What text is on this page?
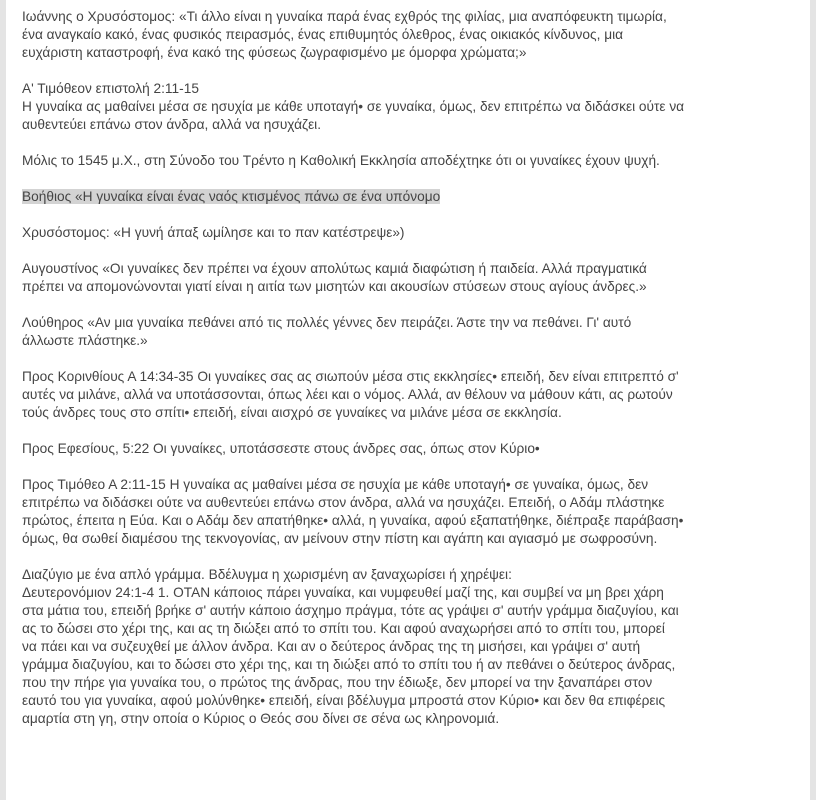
Ιωάννης ο Χρυσόστομος: «Τι άλλο είναι η γυναίκα παρά ένας εχθρός της φιλίας, μια αναπόφευκτη τιμωρία,
ένα αναγκαίο κακό, ένας φυσικός πειρασμός, ένας επιθυμητός όλεθρος, ένας οικιακός κίνδυνος, μια
ευχάριστη καταστροφή, ένα κακό της φύσεως ζωγραφισμένο με όμορφα χρώματα;»

Α' Τιμόθεον επιστολή 2:11-15
Η γυναίκα ας μαθαίνει μέσα σε ησυχία με κάθε υποταγή• σε γυναίκα, όμως, δεν επιτρέπω να διδάσκει ούτε να
αυθεντεύει επάνω στον άνδρα, αλλά να ησυχάζει.

Μόλις το 1545 μ.Χ., στη Σύνοδο του Τρέντο η Καθολική Εκκλησία αποδέχτηκε ότι οι γυναίκες έχουν ψυχή.

Βοήθιος «Η γυναίκα είναι ένας ναός κτισμένος πάνω σε ένα υπόνομο

Χρυσόστομος: «Η γυνή άπαξ ωμίλησε και το παν κατέστρεψε»)

Αυγουστίνος «Οι γυναίκες δεν πρέπει να έχουν απολύτως καμιά διαφώτιση ή παιδεία. Αλλά πραγματικά
πρέπει να απομονώνονται γιατί είναι η αιτία των μισητών και ακουσίων στύσεων στους αγίους άνδρες.»

Λούθηρος «Αν μια γυναίκα πεθάνει από τις πολλές γέννες δεν πειράζει. Άστε την να πεθάνει. Γι' αυτό
άλλωστε πλάστηκε.»

Προς Κορινθίους Α 14:34-35 Οι γυναίκες σας ας σιωπούν μέσα στις εκκλησίες• επειδή, δεν είναι επιτρεπτό σ'
αυτές να μιλάνε, αλλά να υποτάσσονται, όπως λέει και ο νόμος. Αλλά, αν θέλουν να μάθουν κάτι, ας ρωτούν
τούς άνδρες τους στο σπίτι• επειδή, είναι αισχρό σε γυναίκες να μιλάνε μέσα σε εκκλησία.

Προς Εφεσίους, 5:22 Οι γυναίκες, υποτάσσεστε στους άνδρες σας, όπως στον Κύριο•

Προς Τιμόθεο Α 2:11-15 Η γυναίκα ας μαθαίνει μέσα σε ησυχία με κάθε υποταγή• σε γυναίκα, όμως, δεν
επιτρέπω να διδάσκει ούτε να αυθεντεύει επάνω στον άνδρα, αλλά να ησυχάζει. Επειδή, ο Αδάμ πλάστηκε
πρώτος, έπειτα η Εύα. Και ο Αδάμ δεν απατήθηκε• αλλά, η γυναίκα, αφού εξαπατήθηκε, διέπραξε παράβαση•
όμως, θα σωθεί διαμέσου της τεκνογονίας, αν μείνουν στην πίστη και αγάπη και αγιασμό με σωφροσύνη.

Διαζύγιο με ένα απλό γράμμα. Βδέλυγμα η χωρισμένη αν ξαναχωρίσει ή χηρέψει:
Δευτερονόμιον 24:1-4 1. ΟΤΑΝ κάποιος πάρει γυναίκα, και νυμφευθεί μαζί της, και συμβεί να μη βρει χάρη
στα μάτια του, επειδή βρήκε σ' αυτήν κάποιο άσχημο πράγμα, τότε ας γράψει σ' αυτήν γράμμα διαζυγίου, και
ας το δώσει στο χέρι της, και ας τη διώξει από το σπίτι του. Και αφού αναχωρήσει από το σπίτι του, μπορεί
να πάει και να συζευχθεί με άλλον άνδρα. Και αν ο δεύτερος άνδρας της τη μισήσει, και γράψει σ' αυτή
γράμμα διαζυγίου, και το δώσει στο χέρι της, και τη διώξει από το σπίτι του ή αν πεθάνει ο δεύτερος άνδρας,
που την πήρε για γυναίκα του, ο πρώτος της άνδρας, που την έδιωξε, δεν μπορεί να την ξαναπάρει στον
εαυτό του για γυναίκα, αφού μολύνθηκε• επειδή, είναι βδέλυγμα μπροστά στον Κύριο• και δεν θα επιφέρεις
αμαρτία στη γη, στην οποία ο Κύριος ο Θεός σου δίνει σε σένα ως κληρονομιά.
